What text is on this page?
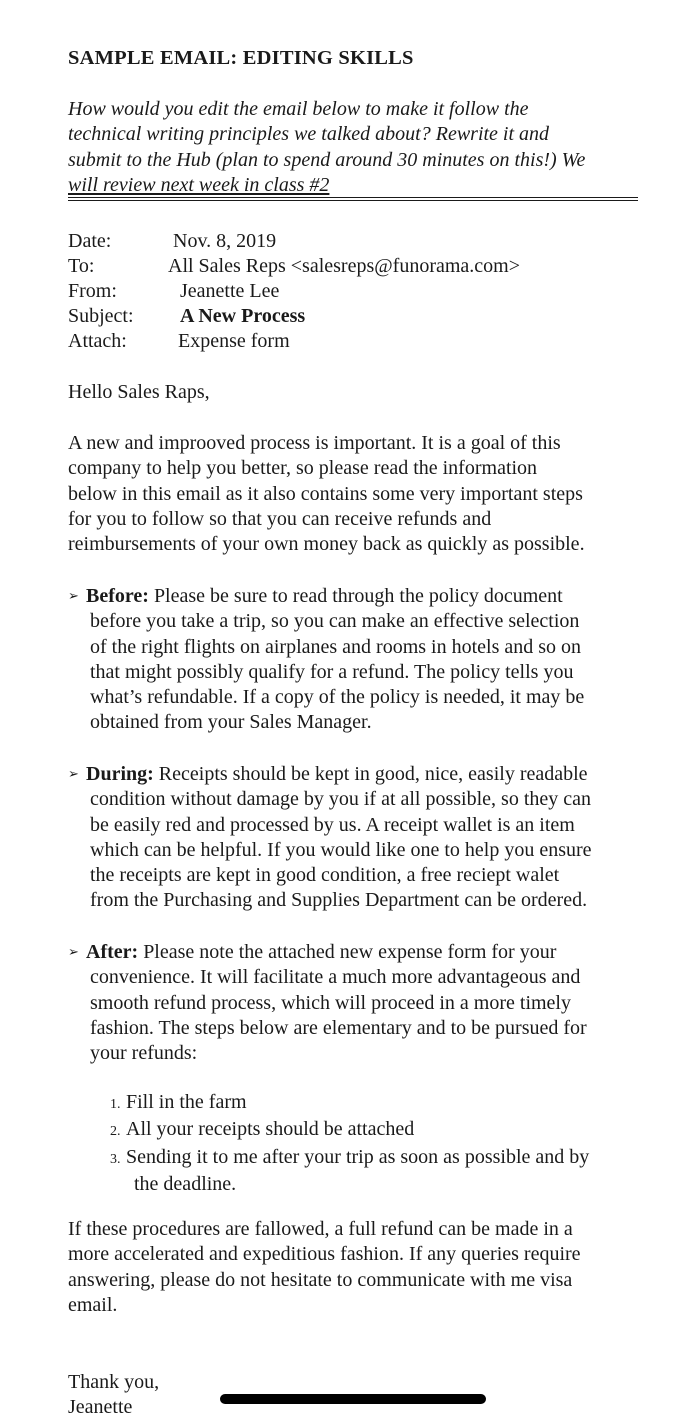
SAMPLE EMAIL: EDITING SKILLS
How would you edit the email below to make it follow the
technical writing principles we talked about? Rewrite it and
submit to the Hub (plan to spend around 30 minutes on this!) We
will review next week in class #2
Date:	Nov. 8, 2019
To:	All Sales Reps <salesreps@funorama.com>
From:	Jeanette Lee
Subject: A New Process
Attach:	Expense form
Hello Sales Raps,
A new and improoved process is important. It is a goal of this
company to help you better, so please read the information
below in this email as it also contains some very important steps
for you to follow so that you can receive refunds and
reimbursements of your own money back as quickly as possible.
➢ Before: Please be sure to read through the policy document
before you take a trip, so you can make an effective selection
of the right flights on airplanes and rooms in hotels and so on
that might possibly qualify for a refund. The policy tells you
what’s refundable. If a copy of the policy is needed, it may be
obtained from your Sales Manager.
➢ During: Receipts should be kept in good, nice, easily readable
condition without damage by you if at all possible, so they can
be easily red and processed by us. A receipt wallet is an item
which can be helpful. If you would like one to help you ensure
the receipts are kept in good condition, a free reciept walet
from the Purchasing and Supplies Department can be ordered.
➢ After: Please note the attached new expense form for your
convenience. It will facilitate a much more advantageous and
smooth refund process, which will proceed in a more timely
fashion. The steps below are elementary and to be pursued for
your refunds:
1. Fill in the farm
2. All your receipts should be attached
3. Sending it to me after your trip as soon as possible and by
the deadline.
If these procedures are fallowed, a full refund can be made in a
more accelerated and expeditious fashion. If any queries require
answering, please do not hesitate to communicate with me visa
email.
Thank you,
Jeanette
